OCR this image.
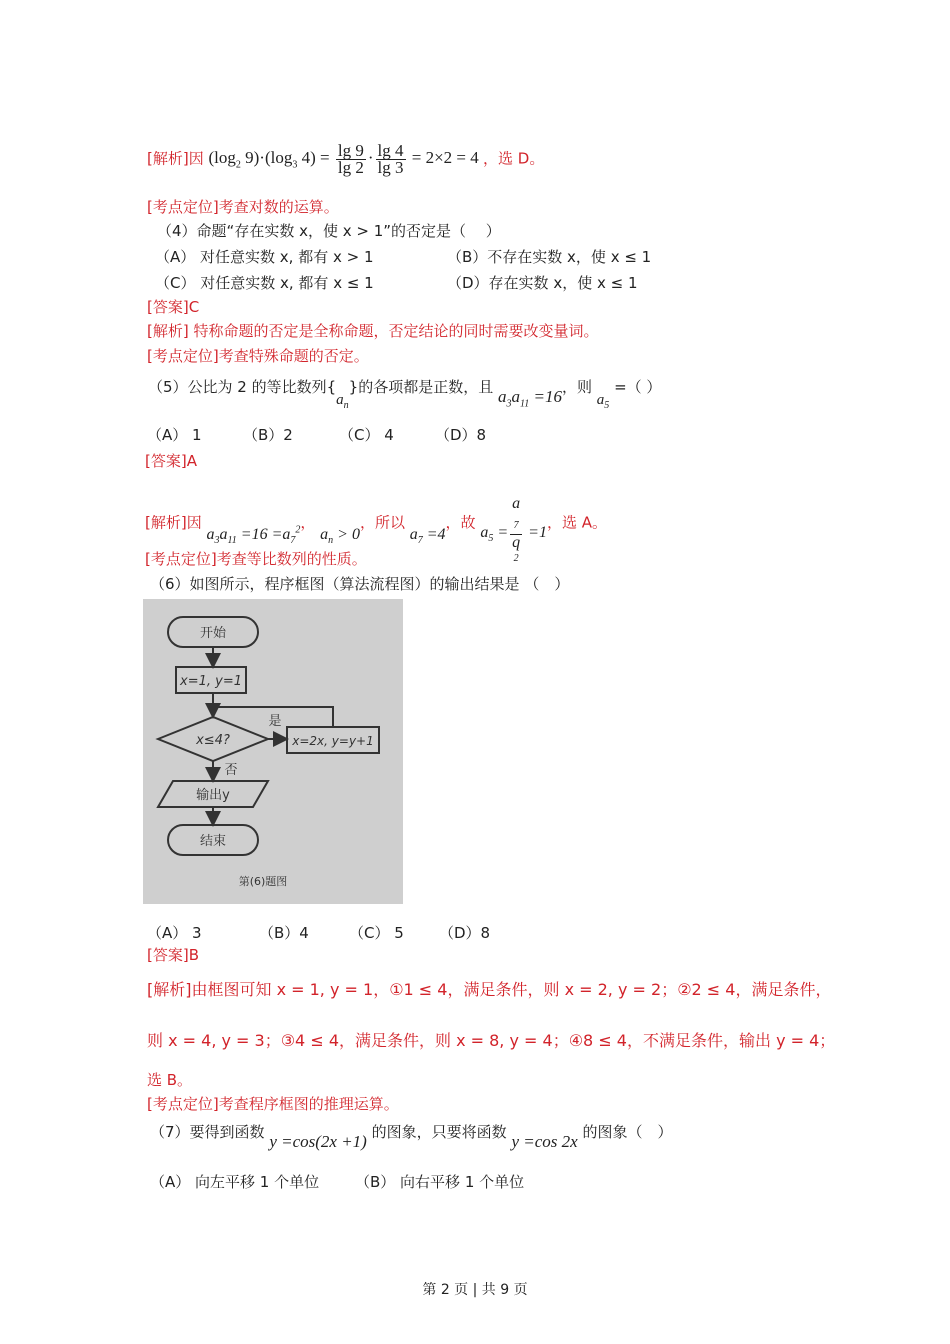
[解析]因 ($\log_2$ $9)\cdot(\log_3$ $4) = \frac{\lg 9}{\lg 2} \cdot \frac{\lg 4}{\lg 3} = 2\times 2 = 4$ ，选 D。
[考点定位]考查对数的运算。
（4）命题“存在实数 x，使 x > 1”的否定是（　 ）
（A） 对任意实数 x, 都有 x > 1	（B）不存在实数 x，使 x ≤ 1
（C） 对任意实数 x, 都有 x ≤ 1	（D）存在实数 x，使 x ≤ 1
[答案]C
[解析] 特称命题的否定是全称命题，否定结论的同时需要改变量词。
[考点定位]考查特殊命题的否定。
（5）公比为 2 的等比数列$\{a_n\}$的各项都是正数，且 $a_3a_{11} =16$，则 $a_5$ =（ ）
（A） 1	（B）2	（C） 4	（D）8
[答案]A
[解析]因 $a_3a_{11} =16 =a_7^2$， $a_n > 0$，所以 $a_7 =4$，故 $a_5 = a$
$_7$
q
$^2$ =1，选 A。
[考点定位]考查等比数列的性质。
（6）如图所示，程序框图（算法流程图）的输出结果是 （　）
开始
x=1, y=1
x≤4?
是
否
x=2x, y=y+1
输出y
结束
第(6)题图
（A） 3	（B）4	（C） 5 （D）8
[答案]B
[解析]由框图可知 x = 1, y = 1，①1 ≤ 4，满足条件，则 x = 2, y = 2；②2 ≤ 4，满足条件，
则 x = 4, y = 3；③4 ≤ 4，满足条件，则 x = 8, y = 4；④8 ≤ 4，不满足条件，输出 y = 4；
选 B。
[考点定位]考查程序框图的推理运算。
（7）要得到函数 y =cos(2x +1) 的图象，只要将函数 y =cos 2x 的图象（　）
（A） 向左平移 1 个单位 （B） 向右平移 1 个单位
第 2 页 | 共 9 页
